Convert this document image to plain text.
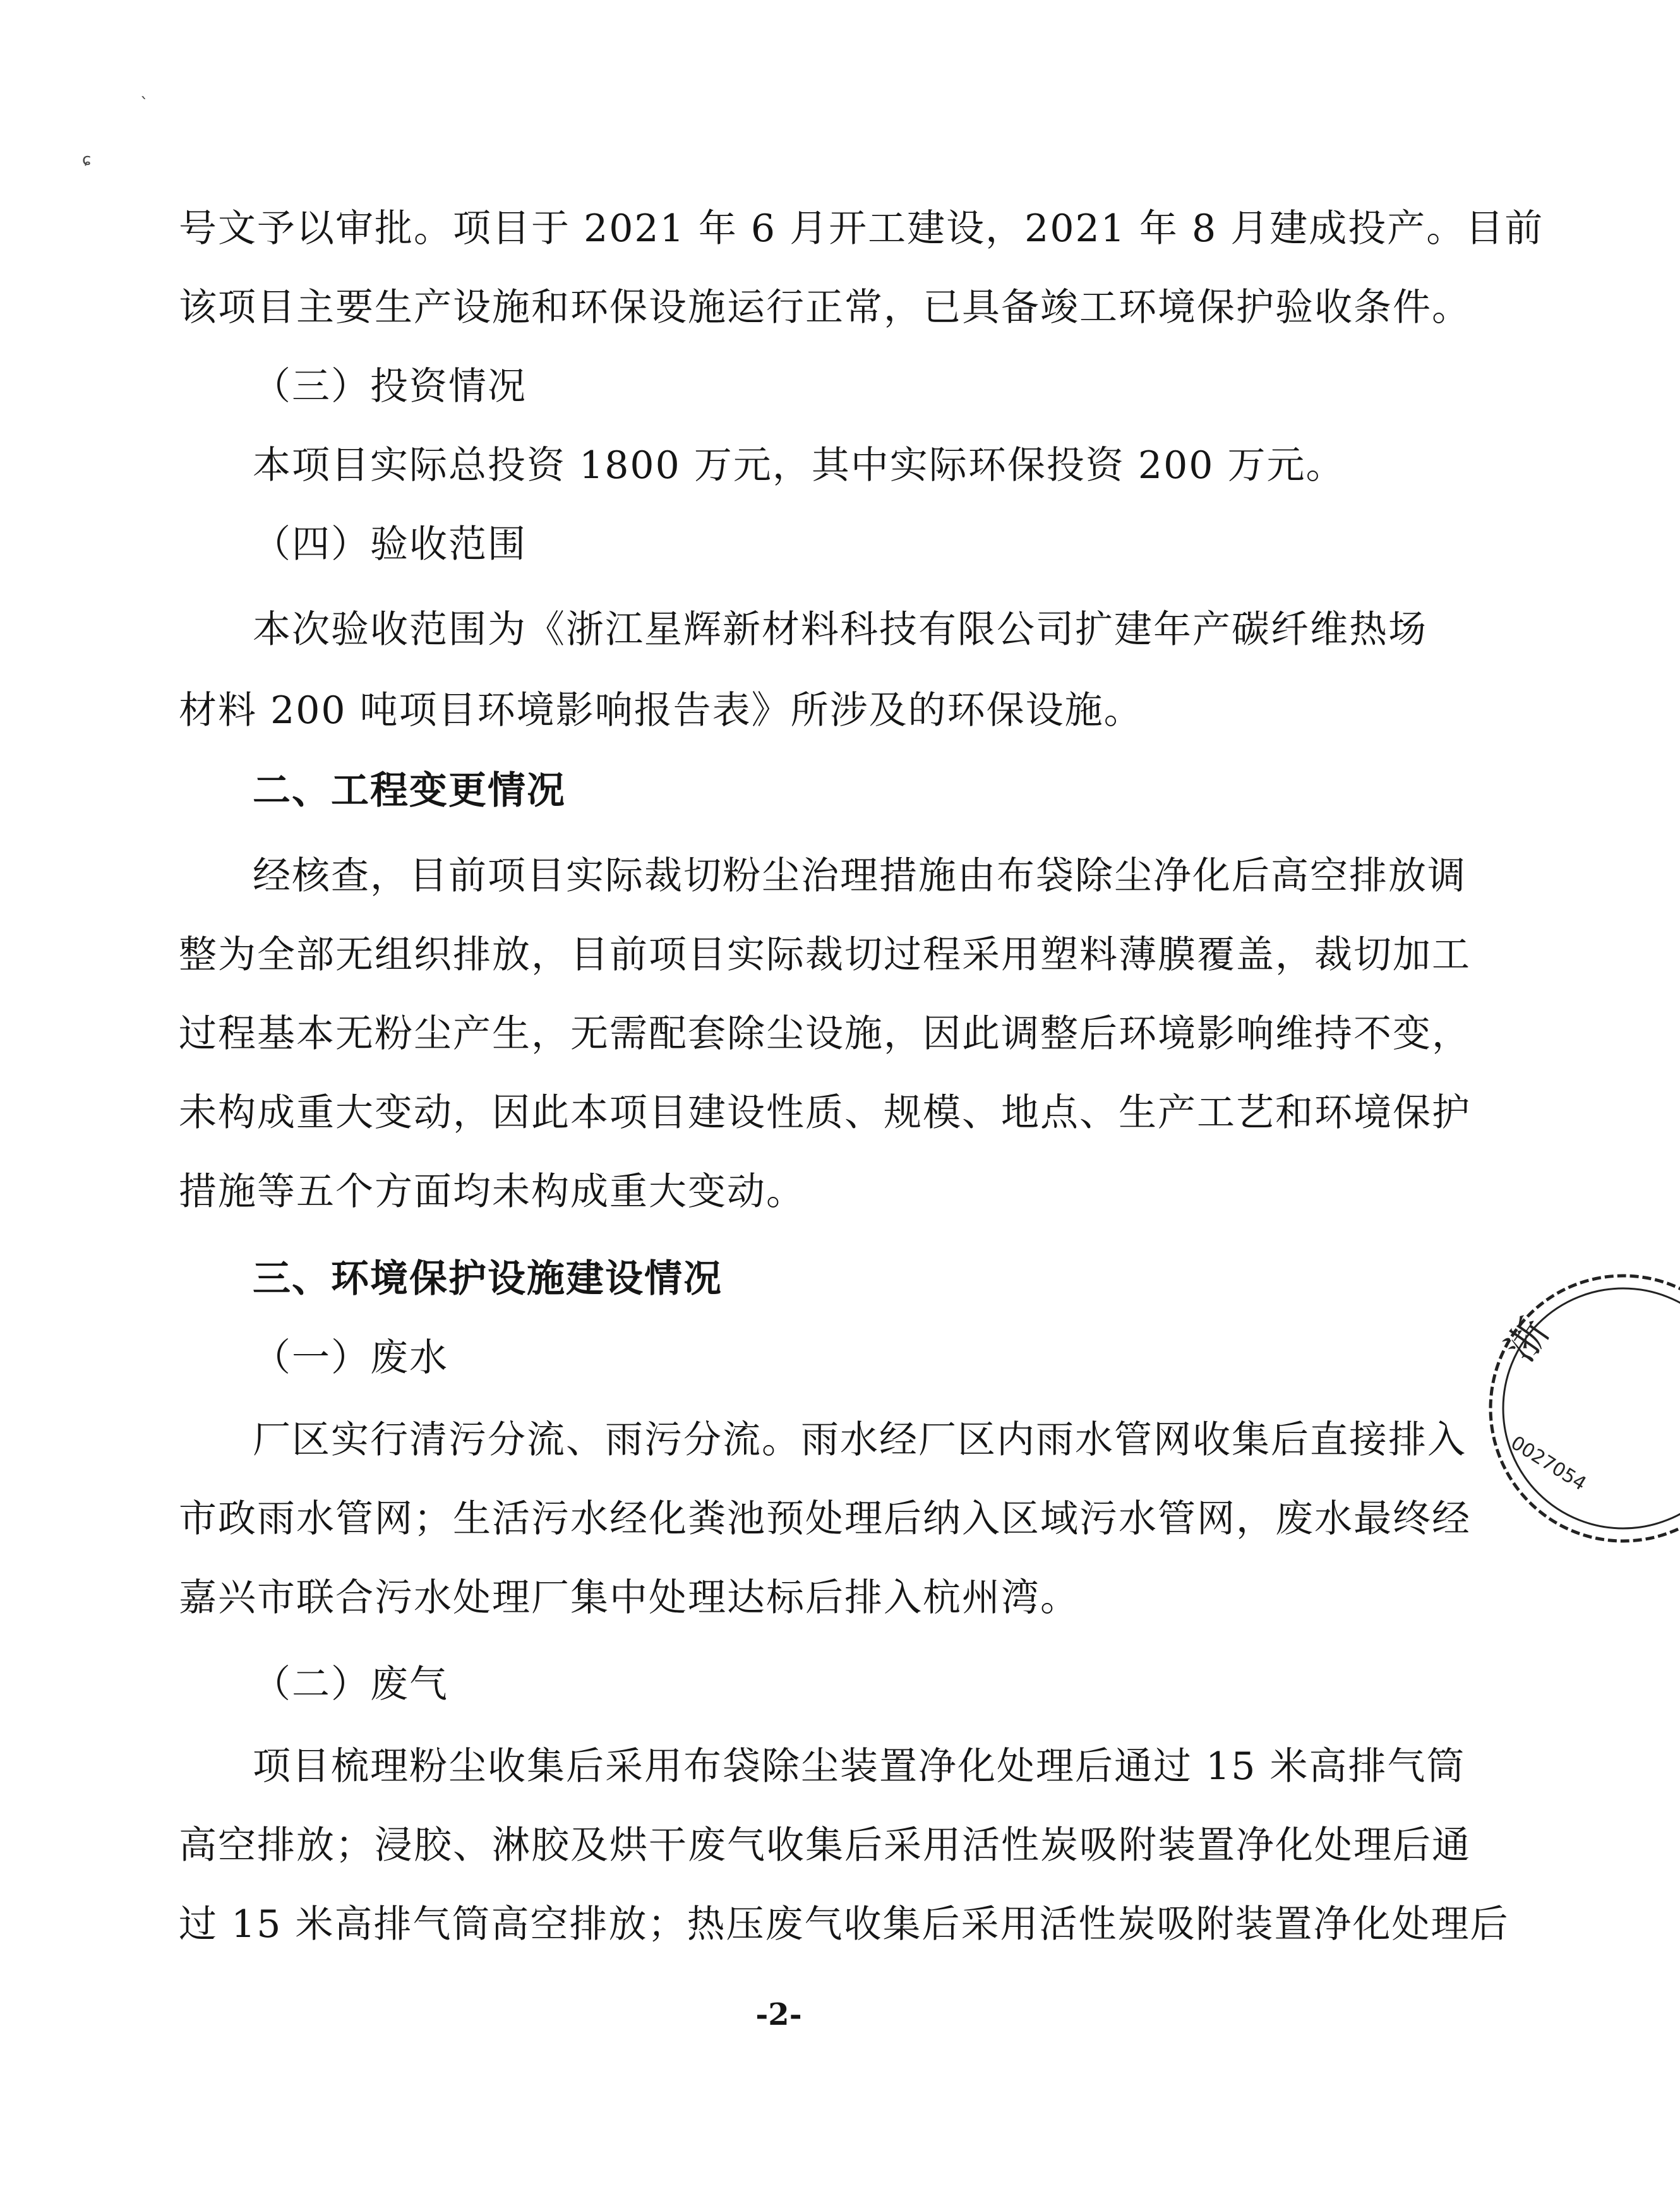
ˎ
ɕ
号文予以审批。项目于 2021 年 6 月开工建设，2021 年 8 月建成投产。目前
该项目主要生产设施和环保设施运行正常，已具备竣工环境保护验收条件。
（三）投资情况
本项目实际总投资 1800 万元，其中实际环保投资 200 万元。
（四）验收范围
本次验收范围为《浙江星辉新材料科技有限公司扩建年产碳纤维热场
材料 200 吨项目环境影响报告表》所涉及的环保设施。
二、工程变更情况
经核查，目前项目实际裁切粉尘治理措施由布袋除尘净化后高空排放调
整为全部无组织排放，目前项目实际裁切过程采用塑料薄膜覆盖，裁切加工
过程基本无粉尘产生，无需配套除尘设施，因此调整后环境影响维持不变，
未构成重大变动，因此本项目建设性质、规模、地点、生产工艺和环境保护
措施等五个方面均未构成重大变动。
三、环境保护设施建设情况
（一）废水
厂区实行清污分流、雨污分流。雨水经厂区内雨水管网收集后直接排入
市政雨水管网；生活污水经化粪池预处理后纳入区域污水管网，废水最终经
嘉兴市联合污水处理厂集中处理达标后排入杭州湾。
（二）废气
项目梳理粉尘收集后采用布袋除尘装置净化处理后通过 15 米高排气筒
高空排放；浸胶、淋胶及烘干废气收集后采用活性炭吸附装置净化处理后通
过 15 米高排气筒高空排放；热压废气收集后采用活性炭吸附装置净化处理后
-2-
浙
0027054
